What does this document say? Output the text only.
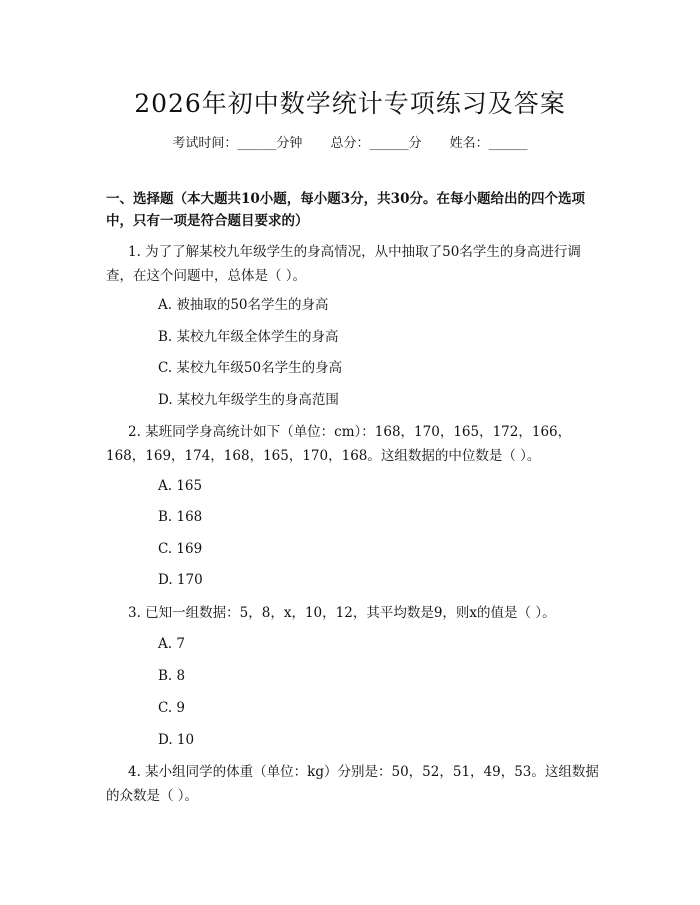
2026年初中数学统计专项练习及答案
考试时间：______分钟 总分：______分 姓名：______
一、选择题（本大题共10小题，每小题3分，共30分。在每小题给出的四个选项中，只有一项是符合题目要求的）
1. 为了了解某校九年级学生的身高情况，从中抽取了50名学生的身高进行调查，在这个问题中，总体是（ ）。
A. 被抽取的50名学生的身高
B. 某校九年级全体学生的身高
C. 某校九年级50名学生的身高
D. 某校九年级学生的身高范围
2. 某班同学身高统计如下（单位：cm）：168，170，165，172，166，168，169，174，168，165，170，168。这组数据的中位数是（ ）。
A. 165
B. 168
C. 169
D. 170
3. 已知一组数据：5，8，x，10，12，其平均数是9，则x的值是（ ）。
A. 7
B. 8
C. 9
D. 10
4. 某小组同学的体重（单位：kg）分别是：50，52，51，49，53。这组数据的众数是（ ）。
